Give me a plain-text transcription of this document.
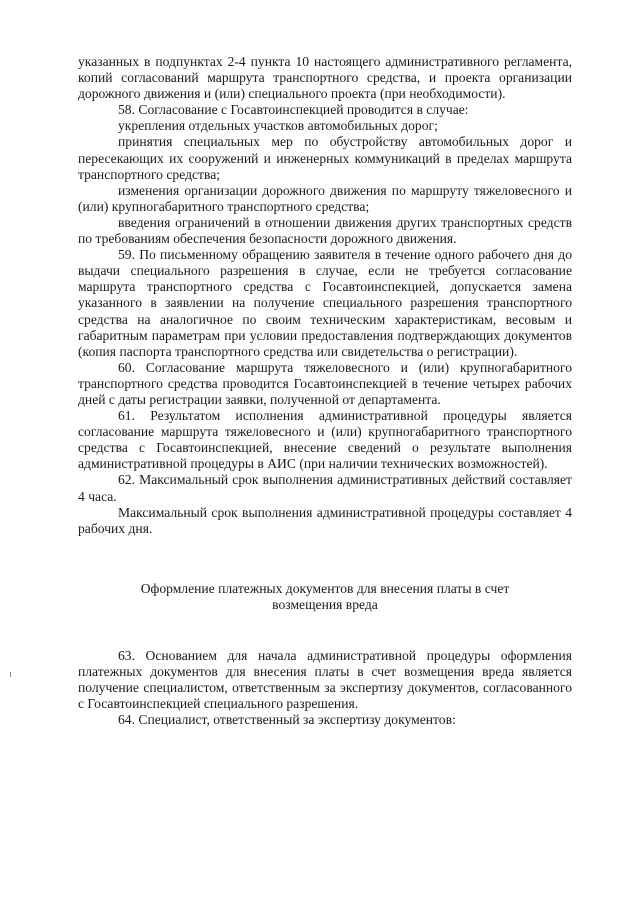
указанных в подпунктах 2-4 пункта 10 настоящего административного регламента, копий согласований маршрута транспортного средства, и проекта организации дорожного движения и (или) специального проекта (при необходимости).

58. Согласование с Госавтоинспекцией проводится в случае:

укрепления отдельных участков автомобильных дорог;

принятия специальных мер по обустройству автомобильных дорог и пересекающих их сооружений и инженерных коммуникаций в пределах маршрута транспортного средства;

изменения организации дорожного движения по маршруту тяжеловесного и (или) крупногабаритного транспортного средства;

введения ограничений в отношении движения других транспортных средств по требованиям обеспечения безопасности дорожного движения.

59. По письменному обращению заявителя в течение одного рабочего дня до выдачи специального разрешения в случае, если не требуется согласование маршрута транспортного средства с Госавтоинспекцией, допускается замена указанного в заявлении на получение специального разрешения транспортного средства на аналогичное по своим техническим характеристикам, весовым и габаритным параметрам при условии предоставления подтверждающих документов (копия паспорта транспортного средства или свидетельства о регистрации).

60. Согласование маршрута тяжеловесного и (или) крупногабаритного транспортного средства проводится Госавтоинспекцией в течение четырех рабочих дней с даты регистрации заявки, полученной от департамента.

61. Результатом исполнения административной процедуры является согласование маршрута тяжеловесного и (или) крупногабаритного транспортного средства с Госавтоинспекцией, внесение сведений о результате выполнения административной процедуры в АИС (при наличии технических возможностей).

62. Максимальный срок выполнения административных действий составляет 4 часа.

Максимальный срок выполнения административной процедуры составляет 4 рабочих дня.

Оформление платежных документов для внесения платы в счет
возмещения вреда

63. Основанием для начала административной процедуры оформления платежных документов для внесения платы в счет возмещения вреда является получение специалистом, ответственным за экспертизу документов, согласованного с Госавтоинспекцией специального разрешения.

64. Специалист, ответственный за экспертизу документов:
